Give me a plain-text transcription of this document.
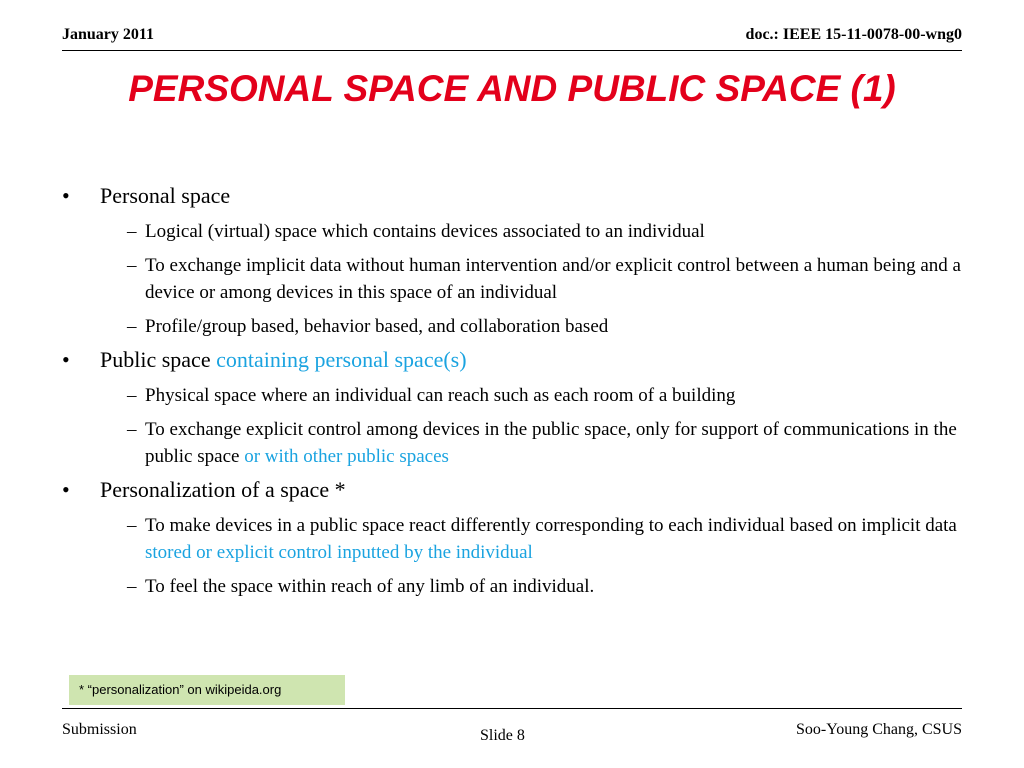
January 2011	doc.: IEEE 15-11-0078-00-wng0
PERSONAL SPACE AND PUBLIC SPACE (1)
• Personal space
– Logical (virtual) space which contains devices associated to an individual
– To exchange implicit data without human intervention and/or explicit control between a human being and a device or among devices in this space of an individual
– Profile/group based, behavior based, and collaboration based
• Public space containing personal space(s)
– Physical space where an individual can reach such as each room of a building
– To exchange explicit control among devices in the public space, only for support of communications in the public space or with other public spaces
• Personalization of a space *
– To make devices in a public space react differently corresponding to each individual based on implicit data stored or explicit control inputted by the individual
– To feel the space within reach of any limb of an individual.
* “personalization” on wikipeida.org
Submission	Slide 8	Soo-Young Chang, CSUS
